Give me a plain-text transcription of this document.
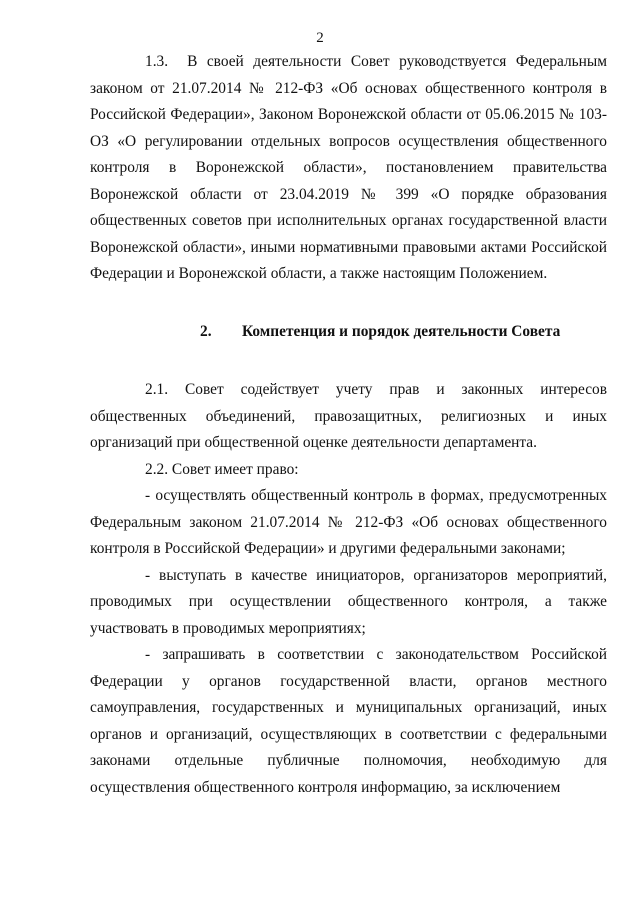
2

1.3.  В своей деятельности Совет руководствуется Федеральным законом от 21.07.2014 № 212-ФЗ «Об основах общественного контроля в Российской Федерации», Законом Воронежской области от 05.06.2015 № 103-ОЗ «О регулировании отдельных вопросов осуществления общественного контроля в Воронежской области», постановлением правительства Воронежской области от 23.04.2019 № 399 «О порядке образования общественных советов при исполнительных органах государственной власти Воронежской области», иными нормативными правовыми актами Российской Федерации и Воронежской области, а также настоящим Положением.

2. Компетенция и порядок деятельности Совета

2.1. Совет содействует учету прав и законных интересов общественных объединений, правозащитных, религиозных и иных организаций при общественной оценке деятельности департамента.

2.2. Совет имеет право:

- осуществлять общественный контроль в формах, предусмотренных Федеральным законом 21.07.2014 № 212-ФЗ «Об основах общественного контроля в Российской Федерации» и другими федеральными законами;

- выступать в качестве инициаторов, организаторов мероприятий, проводимых при осуществлении общественного контроля, а также участвовать в проводимых мероприятиях;

- запрашивать в соответствии с законодательством Российской Федерации у органов государственной власти, органов местного самоуправления, государственных и муниципальных организаций, иных органов и организаций, осуществляющих в соответствии с федеральными законами отдельные публичные полномочия, необходимую для осуществления общественного контроля информацию, за исключением
